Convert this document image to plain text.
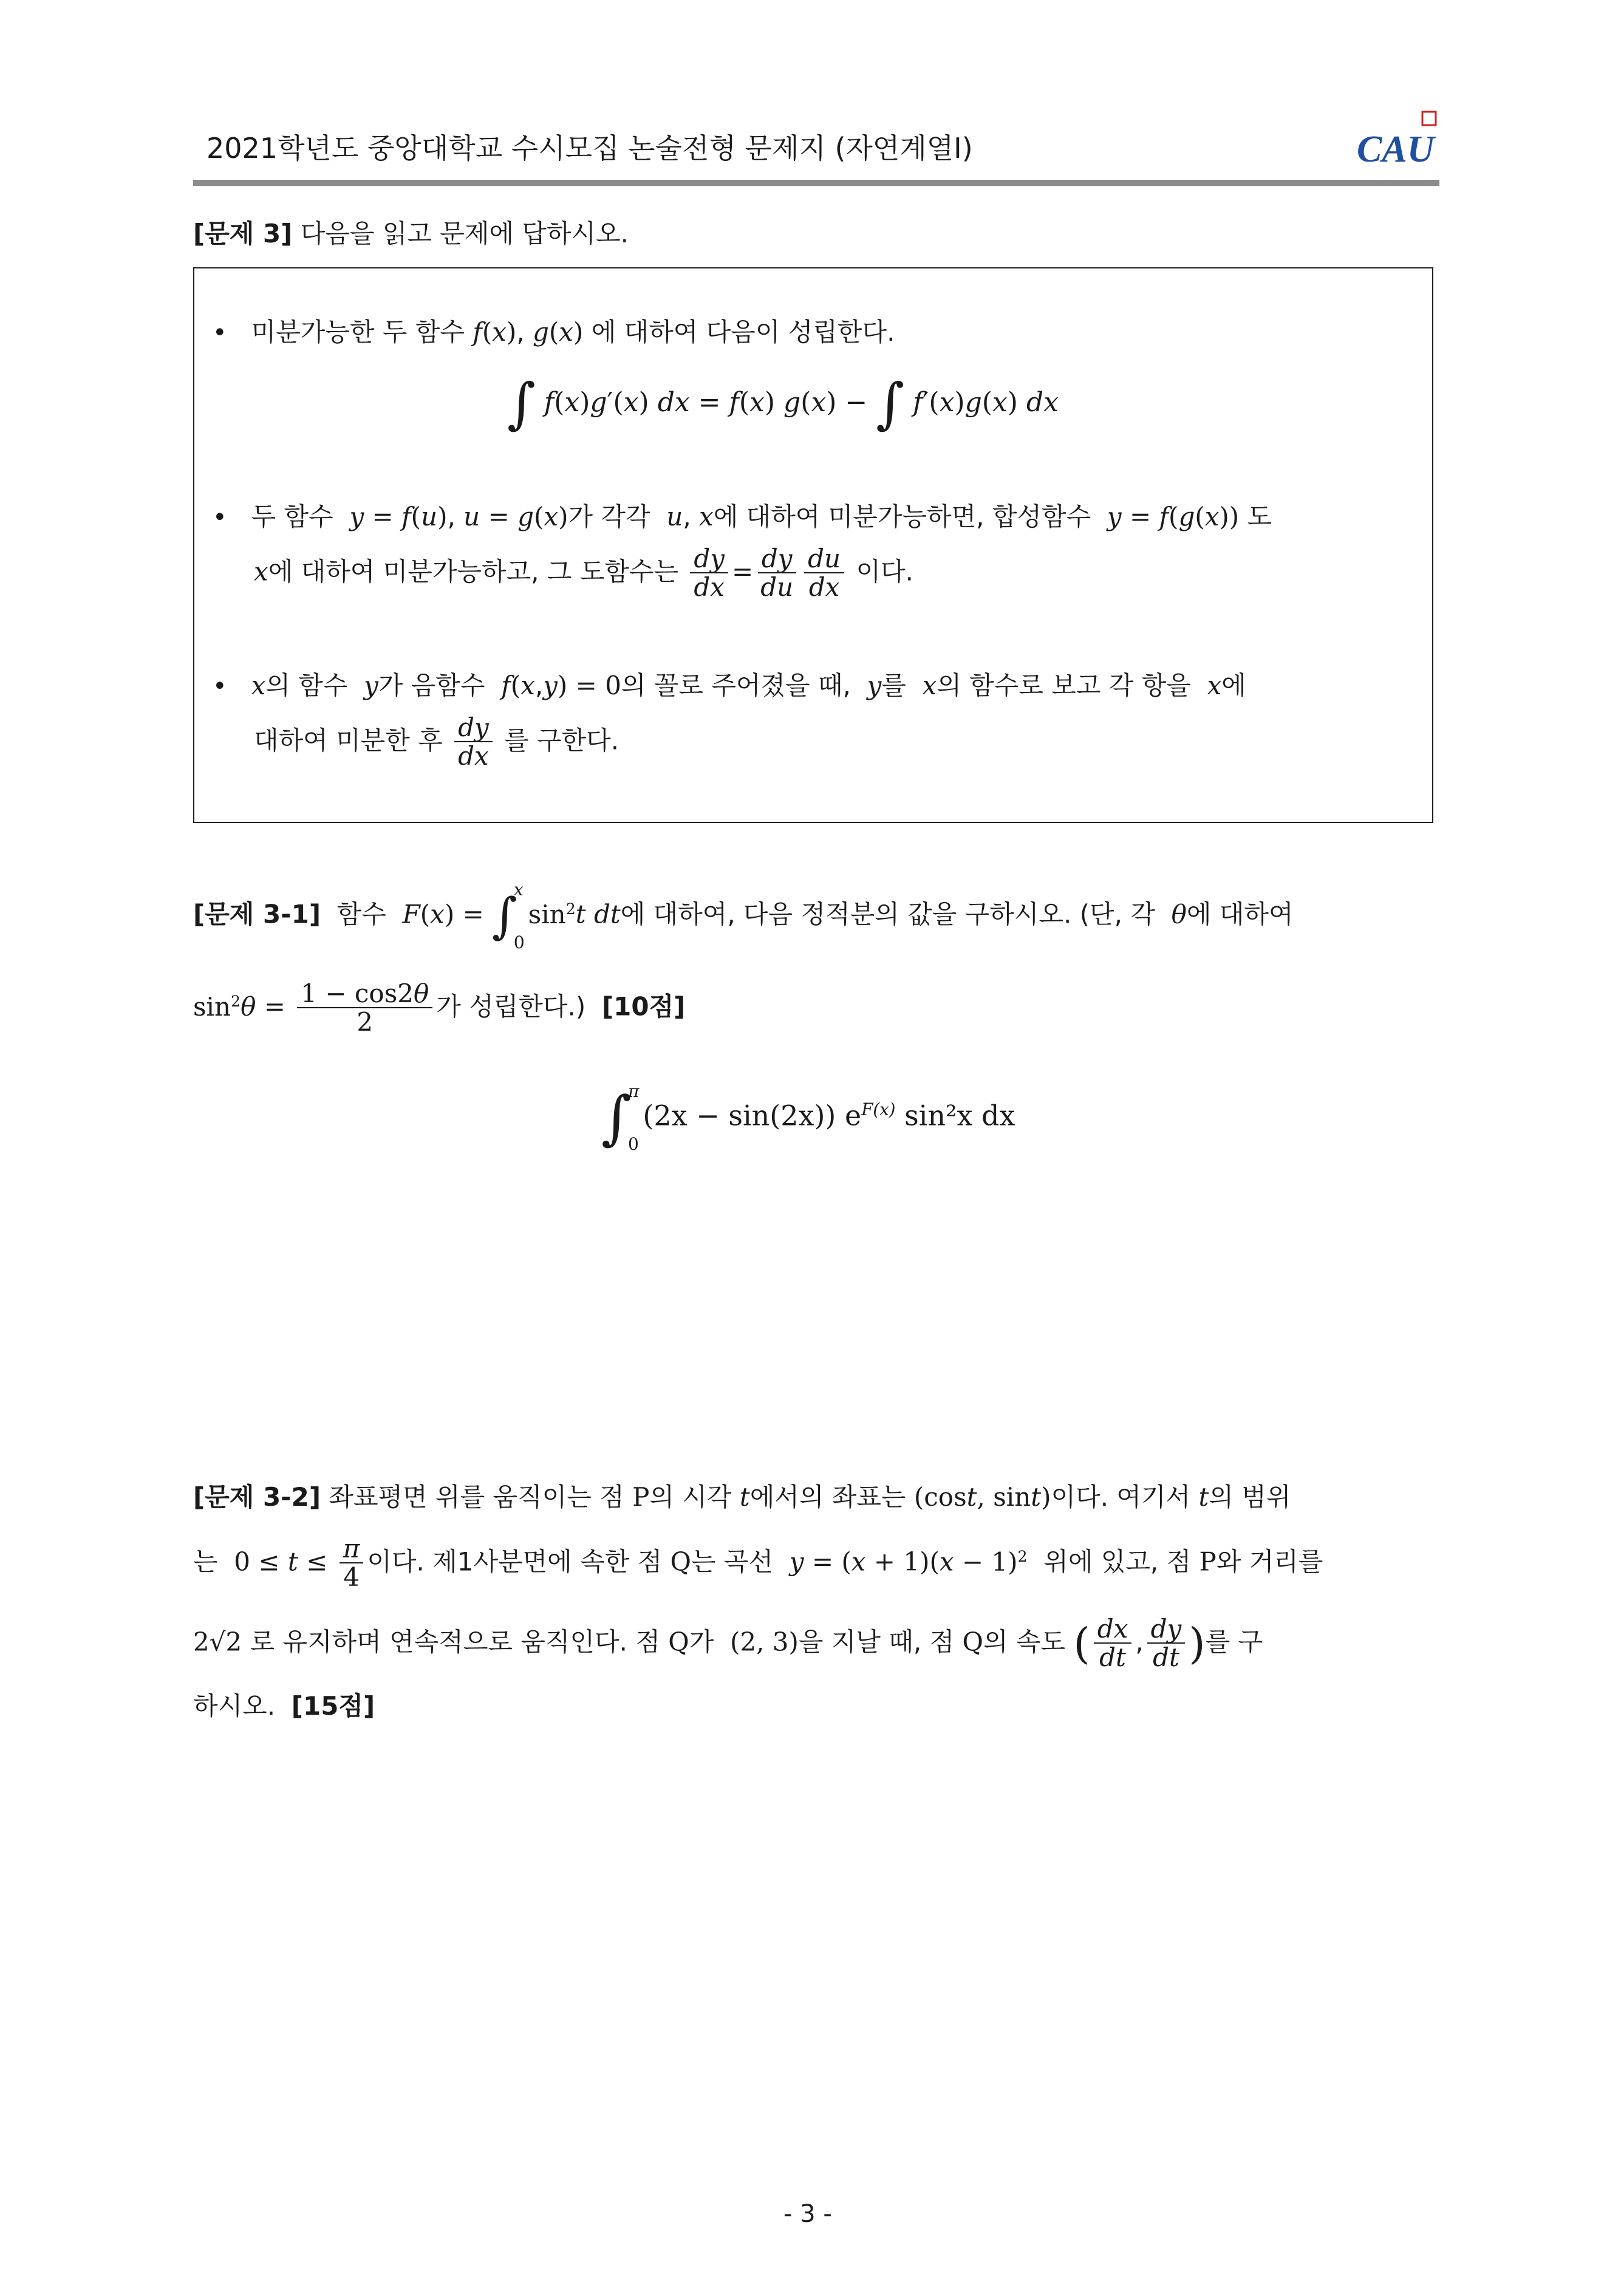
2021학년도 중앙대학교 수시모집 논술전형 문제지 (자연계열Ⅰ)	CAU
[문제 3] 다음을 읽고 문제에 답하시오.
• 미분가능한 두 함수 f(x), g(x) 에 대하여 다음이 성립한다.
∫ f(x)g′(x) dx = f(x) g(x) − ∫ f′(x)g(x) dx
• 두 함수 y = f(u), u = g(x)가 각각 u, x에 대하여 미분가능하면, 합성함수 y = f(g(x)) 도
x에 대하여 미분가능하고, 그 도함수는 $\frac{dy}{dx} = \frac{dy}{du} \frac{du}{dx}$ 이다.
• x의 함수 y가 음함수 f(x,y) = 0의 꼴로 주어졌을 때, y를 x의 함수로 보고 각 항을 x에
대하여 미분한 후 $\frac{dy}{dx}$ 를 구한다.
[문제 3-1] 함수 F(x) = ∫
x
0
$\sin^2t$ dt에 대하여, 다음 정적분의 값을 구하시오. (단, 각 θ에 대하여
$\sin^2\theta = \frac{1 - \cos 2\theta}{2}$ 가 성립한다.) [10점]
∫
π
0
(2x − sin(2x)) $e^{F(x)}$ sin²x dx
[문제 3-2] 좌표평면 위를 움직이는 점 P의 시각 t에서의 좌표는 (cost, sint)이다. 여기서 t의 범위
는 $0 \le t \le \frac{\pi}{4}$ 이다. 제1사분면에 속한 점 Q는 곡선 $y = (x + 1)(x - 1)^2$ 위에 있고, 점 P와 거리를
2√2 로 유지하며 연속적으로 움직인다. 점 Q가 (2, 3)을 지날 때, 점 Q의 속도 ( $\frac{dx}{dt}$ , $\frac{dy}{dt}$ )를 구
하시오. [15점]
- 3 -
